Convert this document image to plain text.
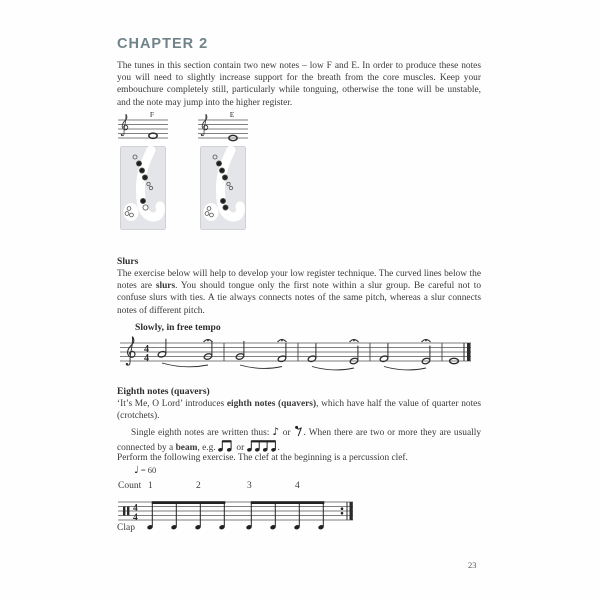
CHAPTER 2
The tunes in this section contain two new notes – low F and E. In order to produce these notes you will need to slightly increase support for the breath from the core muscles. Keep your embouchure completely still, particularly while tonguing, otherwise the tone will be unstable, and the note may jump into the higher register.
F	E
Slurs
The exercise below will help to develop your low register technique. The curved lines below the notes are slurs. You should tongue only the first note within a slur group. Be careful not to confuse slurs with ties. A tie always connects notes of the same pitch, whereas a slur connects notes of different pitch.
Slowly, in free tempo
4
4
Eighth notes (quavers)
‘It’s Me, O Lord’ introduces eighth notes (quavers), which have half the value of quarter notes (crotchets).
Single eighth notes are written thus: ♪ or . When there are two or more they are usually connected by a beam, e.g. or	.
Perform the following exercise. The clef at the beginning is a percussion clef.
♩ = 60
Count 1	2	3	4
4
4
Clap
23
